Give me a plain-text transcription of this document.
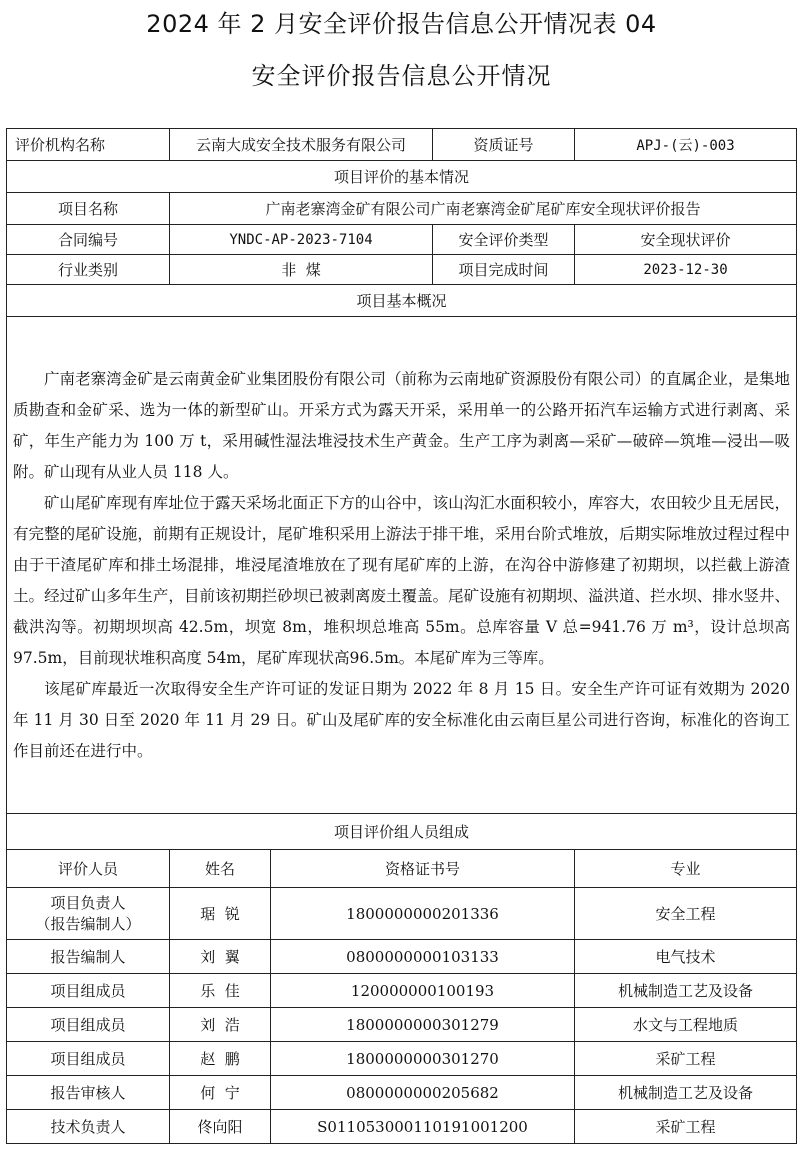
2024 年 2 月安全评价报告信息公开情况表 04
安全评价报告信息公开情况
评价机构名称	云南大成安全技术服务有限公司		资质证号	APJ-(云)-003
项目评价的基本情况				
项目名称	广南老寨湾金矿有限公司广南老寨湾金矿尾矿库安全现状评价报告			
合同编号	YNDC-AP-2023-7104		安全评价类型	安全现状评价
行业类别	非  煤		项目完成时间	2023-12-30
项目基本概况				

广南老寨湾金矿是云南黄金矿业集团股份有限公司（前称为云南地矿资源股份有限公司）的直属企业，是集地质勘查和金矿采、选为一体的新型矿山。开采方式为露天开采，采用单一的公路开拓汽车运输方式进行剥离、采矿，年生产能力为 100 万 t，采用碱性湿法堆浸技术生产黄金。生产工序为剥离—采矿—破碎—筑堆—浸出—吸附。矿山现有从业人员 118 人。

矿山尾矿库现有库址位于露天采场北面正下方的山谷中，该山沟汇水面积较小，库容大，农田较少且无居民，有完整的尾矿设施，前期有正规设计，尾矿堆积采用上游法于排干堆，采用台阶式堆放，后期实际堆放过程过程中由于干渣尾矿库和排土场混排，堆浸尾渣堆放在了现有尾矿库的上游，在沟谷中游修建了初期坝，以拦截上游渣土。经过矿山多年生产，目前该初期拦砂坝已被剥离废土覆盖。尾矿设施有初期坝、溢洪道、拦水坝、排水竖井、截洪沟等。初期坝坝高 42.5m，坝宽 8m，堆积坝总堆高 55m。总库容量 V 总=941.76 万 m³，设计总坝高 97.5m，目前现状堆积高度 54m，尾矿库现状高96.5m。本尾矿库为三等库。

该尾矿库最近一次取得安全生产许可证的发证日期为 2022 年 8 月 15 日。安全生产许可证有效期为 2020 年 11 月 30 日至 2020 年 11 月 29 日。矿山及尾矿库的安全标准化由云南巨星公司进行咨询，标准化的咨询工作目前还在进行中。				

项目评价组人员组成				
评价人员	姓名	资格证书号		专业

项目负责人
（报告编制人）	琚  锐	1800000000201336		安全工程
报告编制人	刘  翼	0800000000103133		电气技术
项目组成员	乐  佳	120000000100193		机械制造工艺及设备
项目组成员	刘  浩	1800000000301279		水文与工程地质
项目组成员	赵  鹏	1800000000301270		采矿工程
报告审核人	何  宁	0800000000205682		机械制造工艺及设备
技术负责人	佟向阳	S011053000110191001200		采矿工程
